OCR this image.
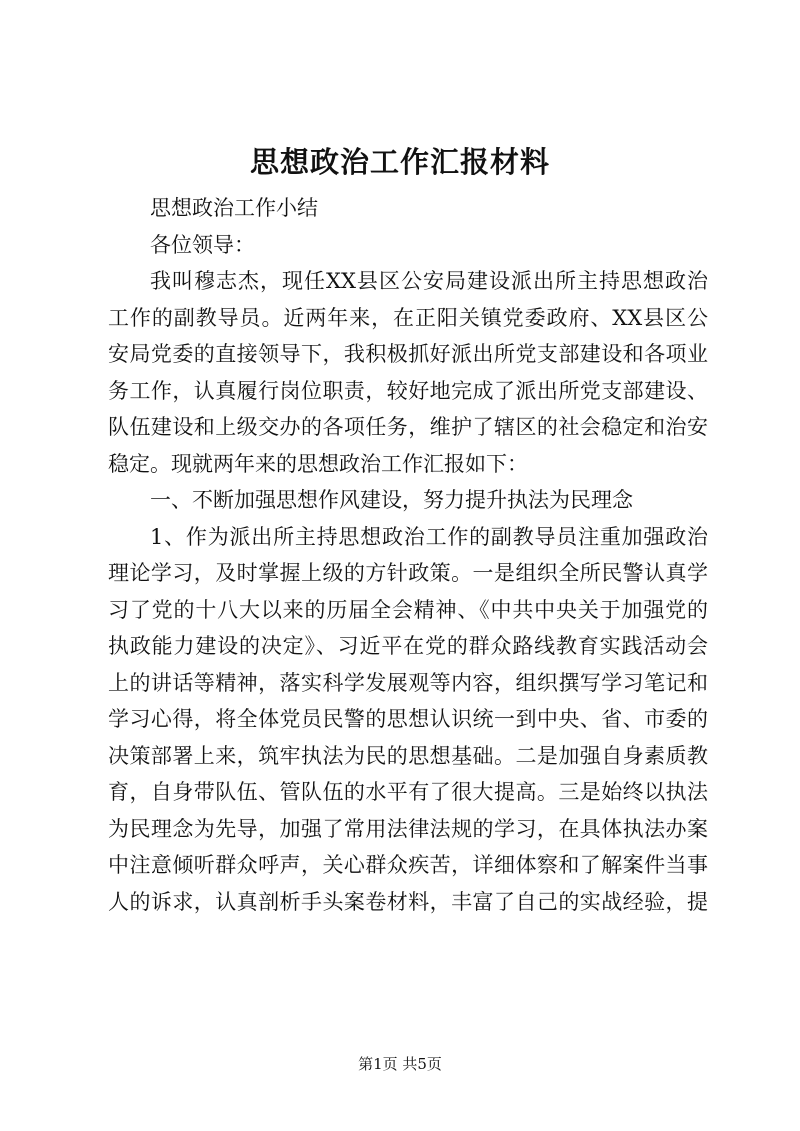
思想政治工作汇报材料
思想政治工作小结
各位领导：
我叫穆志杰，现任XX县区公安局建设派出所主持思想政治
工作的副教导员。近两年来，在正阳关镇党委政府、XX县区公
安局党委的直接领导下，我积极抓好派出所党支部建设和各项业
务工作，认真履行岗位职责，较好地完成了派出所党支部建设、
队伍建设和上级交办的各项任务，维护了辖区的社会稳定和治安
稳定。现就两年来的思想政治工作汇报如下：
一、不断加强思想作风建设，努力提升执法为民理念
1、作为派出所主持思想政治工作的副教导员注重加强政治
理论学习，及时掌握上级的方针政策。一是组织全所民警认真学
习了党的十八大以来的历届全会精神、《中共中央关于加强党的
执政能力建设的决定》、习近平在党的群众路线教育实践活动会
上的讲话等精神，落实科学发展观等内容，组织撰写学习笔记和
学习心得，将全体党员民警的思想认识统一到中央、省、市委的
决策部署上来，筑牢执法为民的思想基础。二是加强自身素质教
育，自身带队伍、管队伍的水平有了很大提高。三是始终以执法
为民理念为先导，加强了常用法律法规的学习，在具体执法办案
中注意倾听群众呼声，关心群众疾苦，详细体察和了解案件当事
人的诉求，认真剖析手头案卷材料，丰富了自己的实战经验，提
第1页 共5页
